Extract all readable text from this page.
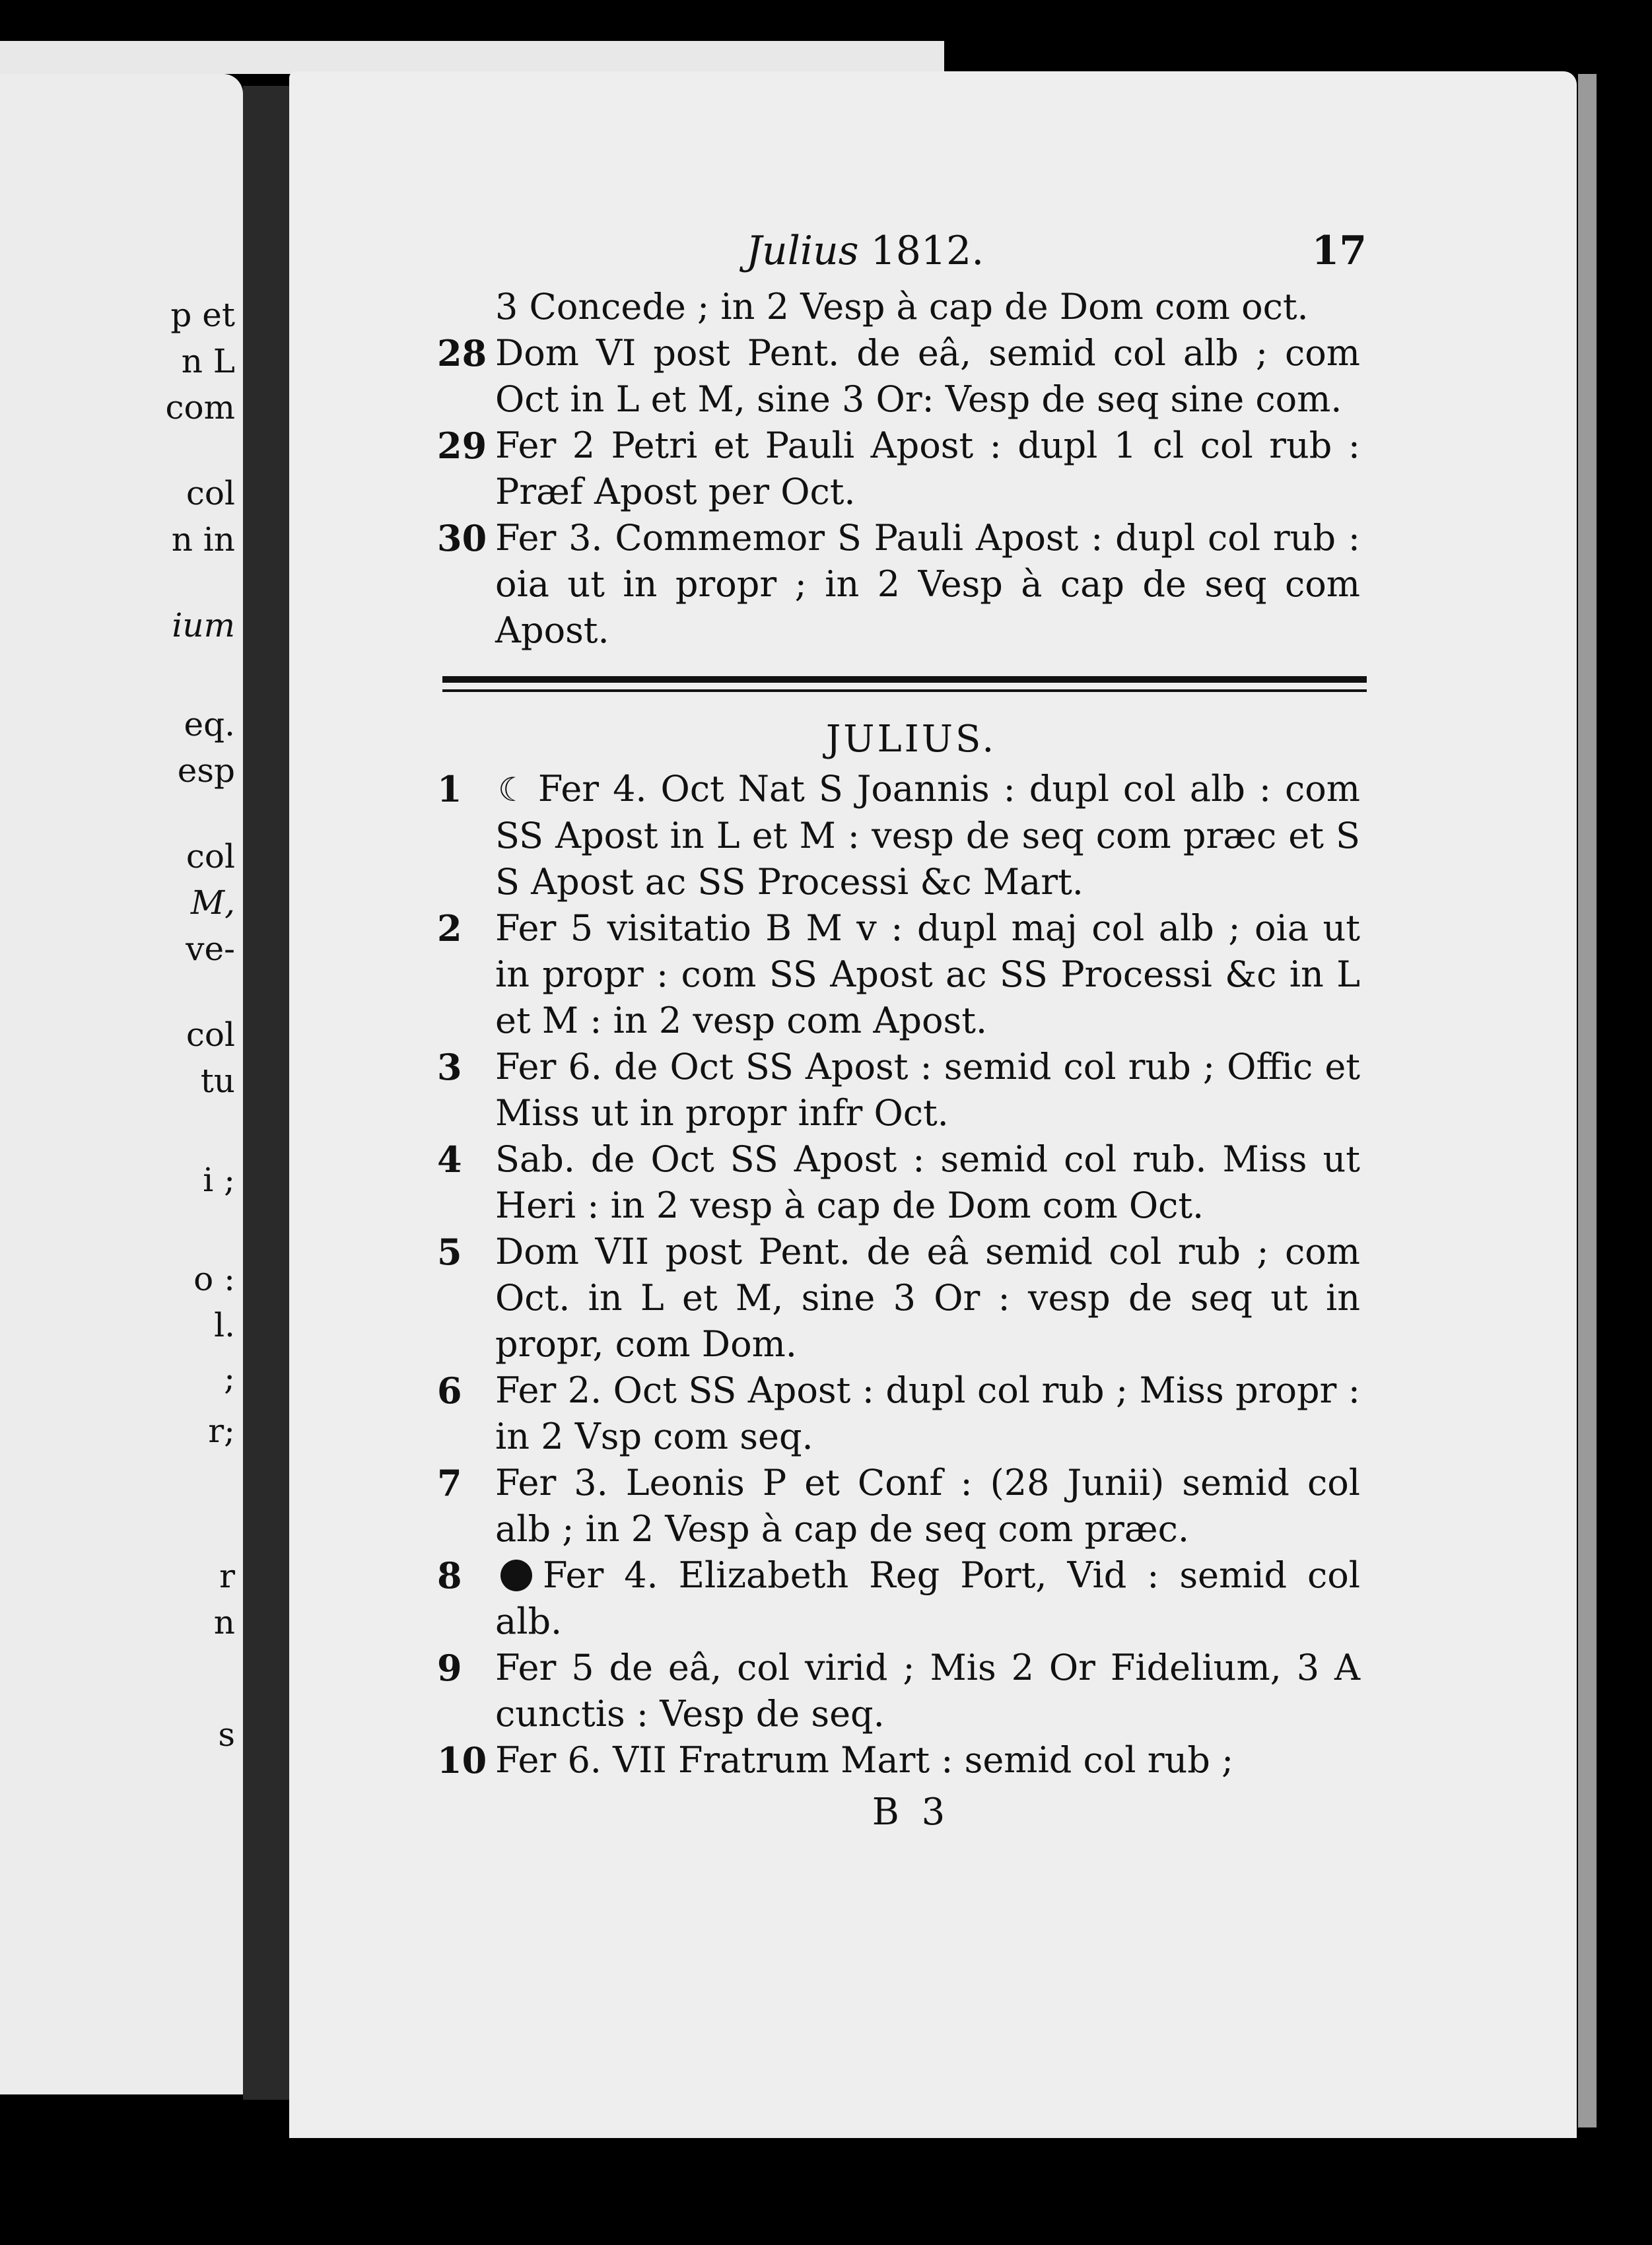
p et
n L
com
col
n in
ium
eq.
esp
col
M,
ve-
col
tu
i ;
o :
l.
;
r;
r
n
s
Julius 1812.	17
3 Concede ; in 2 Vesp à cap de Dom com oct.
28 Dom VI post Pent. de eâ, semid col alb ; com Oct in L et M, sine 3 Or: Vesp de seq sine com.
29 Fer 2 Petri et Pauli Apost : dupl 1 cl col rub : Præf Apost per Oct.
30 Fer 3. Commemor S Pauli Apost : dupl col rub : oia ut in propr ; in 2 Vesp à cap de seq com Apost.
JULIUS.
1	☾ Fer 4. Oct Nat S Joannis : dupl col alb : com SS Apost in L et M : vesp de seq com præc et S S Apost ac SS Processi &c Mart.
2 Fer 5 visitatio B M v : dupl maj col alb ; oia ut in propr : com SS Apost ac SS Processi &c in L et M : in 2 vesp com Apost.
3 Fer 6. de Oct SS Apost : semid col rub ; Offic et Miss ut in propr infr Oct.
4 Sab. de Oct SS Apost : semid col rub. Miss ut Heri : in 2 vesp à cap de Dom com Oct.
5 Dom VII post Pent. de eâ semid col rub ; com Oct. in L et M, sine 3 Or : vesp de seq ut in propr, com Dom.
6 Fer 2. Oct SS Apost : dupl col rub ; Miss propr : in 2 Vsp com seq.
7 Fer 3. Leonis P et Conf : (28 Junii) semid col alb ; in 2 Vesp à cap de seq com præc.
8	Fer 4. Elizabeth Reg Port, Vid : semid col alb.
9 Fer 5 de eâ, col virid ; Mis 2 Or Fidelium, 3 A cunctis : Vesp de seq.
10 Fer 6. VII Fratrum Mart : semid col rub ;
B 3
